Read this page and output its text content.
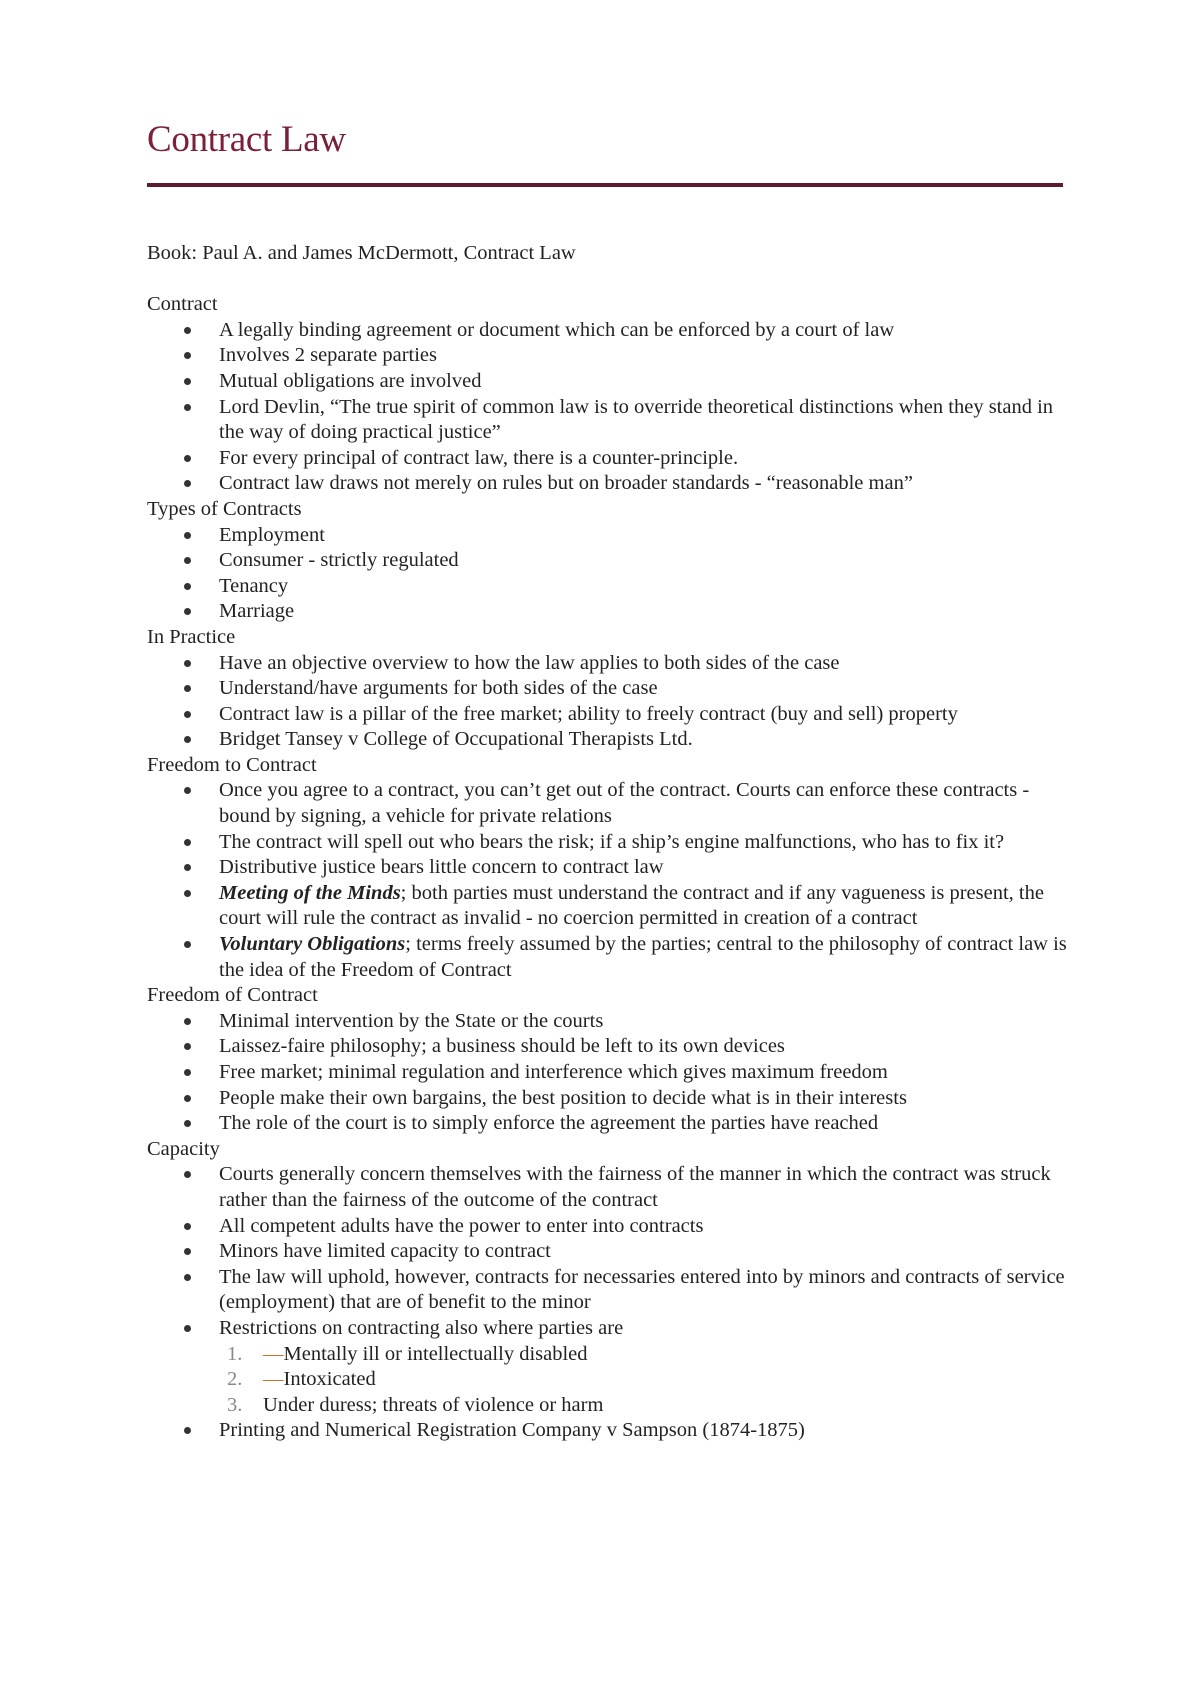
Contract Law

Book: Paul A. and James McDermott, Contract Law

Contract
A legally binding agreement or document which can be enforced by a court of law
Involves 2 separate parties
Mutual obligations are involved
Lord Devlin, “The true spirit of common law is to override theoretical distinctions when they stand in the way of doing practical justice”
For every principal of contract law, there is a counter-principle.
Contract law draws not merely on rules but on broader standards - “reasonable man”
Types of Contracts
Employment
Consumer - strictly regulated
Tenancy
Marriage
In Practice
Have an objective overview to how the law applies to both sides of the case
Understand/have arguments for both sides of the case
Contract law is a pillar of the free market; ability to freely contract (buy and sell) property
Bridget Tansey v College of Occupational Therapists Ltd.
Freedom to Contract
Once you agree to a contract, you can’t get out of the contract. Courts can enforce these contracts - bound by signing, a vehicle for private relations
The contract will spell out who bears the risk; if a ship’s engine malfunctions, who has to fix it?
Distributive justice bears little concern to contract law
Meeting of the Minds; both parties must understand the contract and if any vagueness is present, the court will rule the contract as invalid - no coercion permitted in creation of a contract
Voluntary Obligations; terms freely assumed by the parties; central to the philosophy of contract law is the idea of the Freedom of Contract
Freedom of Contract
Minimal intervention by the State or the courts
Laissez-faire philosophy; a business should be left to its own devices
Free market; minimal regulation and interference which gives maximum freedom
People make their own bargains, the best position to decide what is in their interests
The role of the court is to simply enforce the agreement the parties have reached
Capacity
Courts generally concern themselves with the fairness of the manner in which the contract was struck rather than the fairness of the outcome of the contract
All competent adults have the power to enter into contracts
Minors have limited capacity to contract
The law will uphold, however, contracts for necessaries entered into by minors and contracts of service (employment) that are of benefit to the minor
Restrictions on contracting also where parties are
1. —Mentally ill or intellectually disabled
2. —Intoxicated
3. Under duress; threats of violence or harm
Printing and Numerical Registration Company v Sampson (1874-1875)
